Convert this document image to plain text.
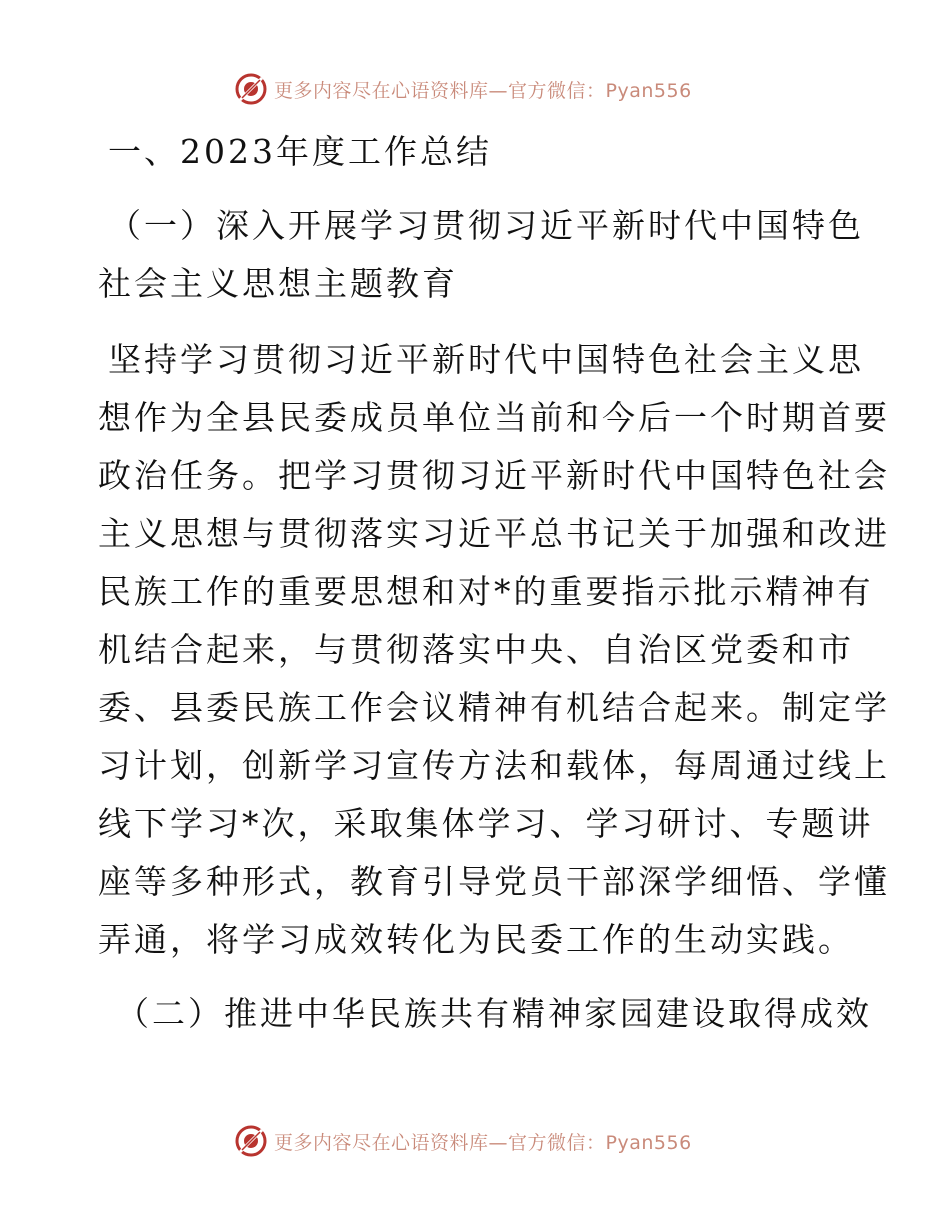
更多内容尽在心语资料库—官方微信：Pyan556
一、2023年度工作总结
（一）深入开展学习贯彻习近平新时代中国特色
社会主义思想主题教育
坚持学习贯彻习近平新时代中国特色社会主义思
想作为全县民委成员单位当前和今后一个时期首要
政治任务。把学习贯彻习近平新时代中国特色社会
主义思想与贯彻落实习近平总书记关于加强和改进
民族工作的重要思想和对*的重要指示批示精神有
机结合起来，与贯彻落实中央、自治区党委和市
委、县委民族工作会议精神有机结合起来。制定学
习计划，创新学习宣传方法和载体，每周通过线上
线下学习*次，采取集体学习、学习研讨、专题讲
座等多种形式，教育引导党员干部深学细悟、学懂
弄通，将学习成效转化为民委工作的生动实践。
（二）推进中华民族共有精神家园建设取得成效
更多内容尽在心语资料库—官方微信：Pyan556
